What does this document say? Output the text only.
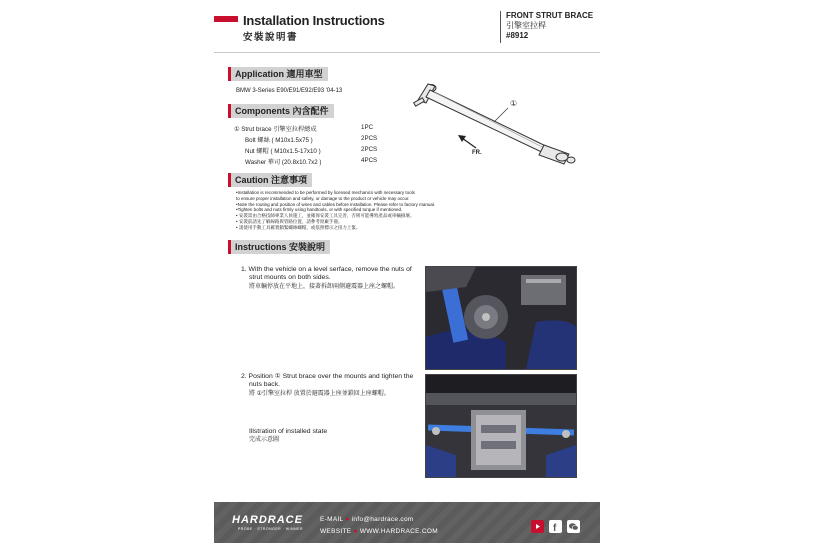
Installation Instructions
安裝說明書
FRONT STRUT BRACE
引擎室拉桿
#8912
Application 適用車型
BMW 3-Series E90/E91/E92/E93 '04-13
Components 內含配件
① Strut brace 引擎室拉桿總成	1PC
Bolt 螺絲 ( M10x1.5x75 )	2PCS
Nut 螺帽 ( M10x1.5-17x10 )	2PCS
Washer 華司 (20.8x10.7x2 )	4PCS
①
FR.
Caution 注意事項
•Installation is recommended to be performed by licensed mechanics with necessary tools
to ensure proper installation and safety, or damage to the product or vehicle may occur.
•Note the routing and position of wires and cables before installation. Please refer to factory manual.
•Tighten bolts and nuts firmly using handtools, or with specified torque if mentioned.
• 安裝需由合格技師專業人員施工，並確保安裝工具完善，否則可能導致產品或車輛損壞。
• 安裝前請先了解線路與管路位置，請參考原廠手冊。
• 請使用手動工具確實鎖緊螺絲螺帽，或依照標示之扭力上緊。
Instructions 安裝說明
1. With the vehicle on a level serface, remove the nuts of
strut mounts on both sides.
將車輛停放在平地上，接著拆卸兩側避震器上座之螺帽。
2. Position ① Strut brace over the mounts and tighten the
nuts back.
將 ①引擎室拉桿 放置於避震器上座並鎖回上座螺帽。
Illstration of installed state
完成示意圖
HARDRACE
PROBE · STRONGER · WINNER
E-MAIL ● info@hardrace.com
WEBSITE ● WWW.HARDRACE.COM	f
